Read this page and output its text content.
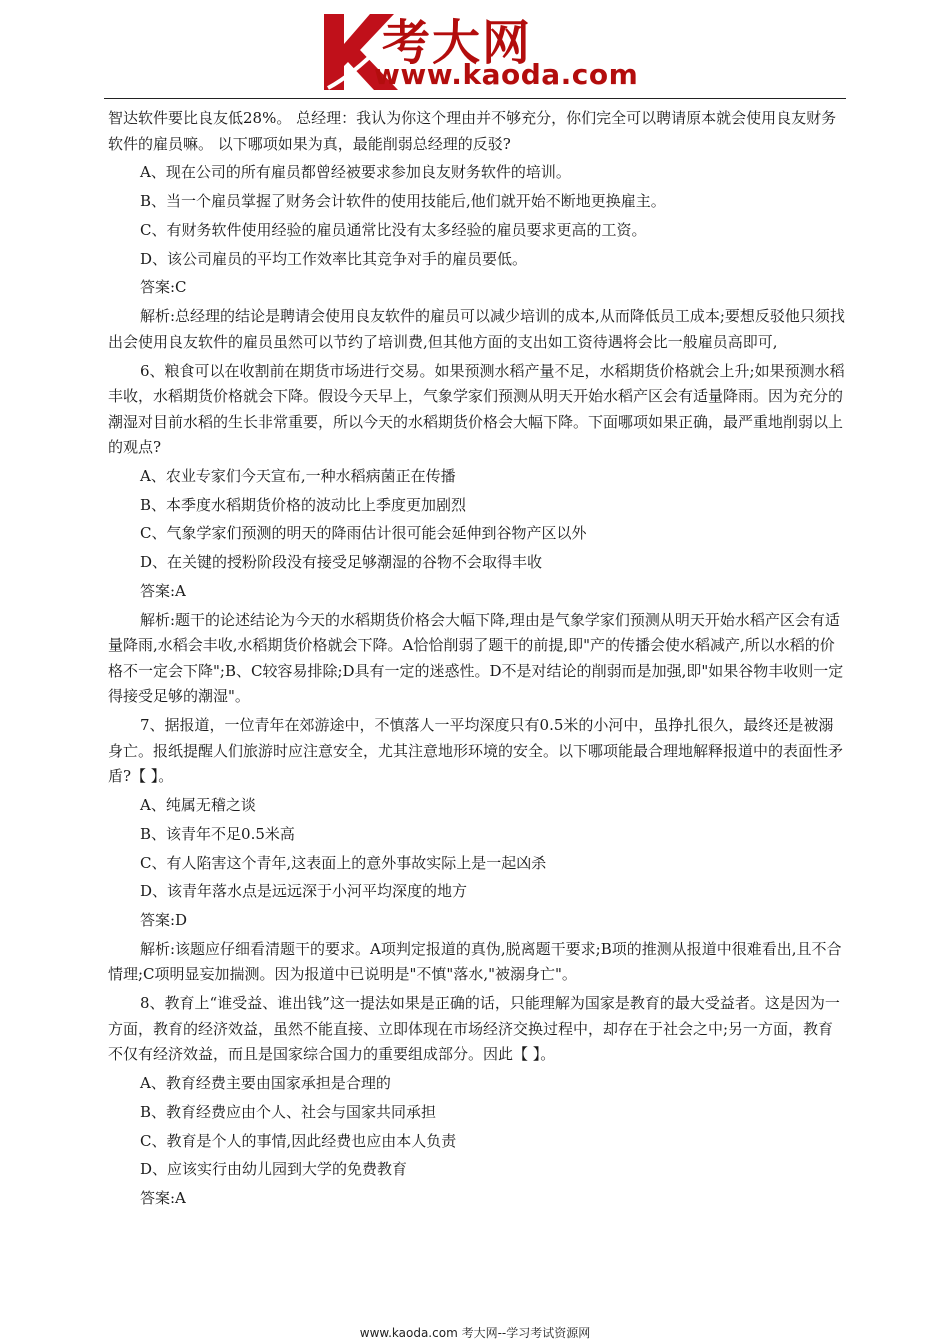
考大网
www.kaoda.com

智达软件要比良友低28%。 总经理：我认为你这个理由并不够充分，你们完全可以聘请原本就会使用良友财务软件的雇员嘛。 以下哪项如果为真，最能削弱总经理的反驳?

A、现在公司的所有雇员都曾经被要求参加良友财务软件的培训。

B、当一个雇员掌握了财务会计软件的使用技能后,他们就开始不断地更换雇主。

C、有财务软件使用经验的雇员通常比没有太多经验的雇员要求更高的工资。

D、该公司雇员的平均工作效率比其竞争对手的雇员要低。

答案:C

解析:总经理的结论是聘请会使用良友软件的雇员可以减少培训的成本,从而降低员工成本;要想反驳他只须找出会使用良友软件的雇员虽然可以节约了培训费,但其他方面的支出如工资待遇将会比一般雇员高即可,

6、粮食可以在收割前在期货市场进行交易。如果预测水稻产量不足，水稻期货价格就会上升;如果预测水稻丰收，水稻期货价格就会下降。假设今天早上，气象学家们预测从明天开始水稻产区会有适量降雨。因为充分的潮湿对目前水稻的生长非常重要，所以今天的水稻期货价格会大幅下降。下面哪项如果正确，最严重地削弱以上的观点?

A、农业专家们今天宣布,一种水稻病菌正在传播

B、本季度水稻期货价格的波动比上季度更加剧烈

C、气象学家们预测的明天的降雨估计很可能会延伸到谷物产区以外

D、在关键的授粉阶段没有接受足够潮湿的谷物不会取得丰收

答案:A

解析:题干的论述结论为今天的水稻期货价格会大幅下降,理由是气象学家们预测从明天开始水稻产区会有适量降雨,水稻会丰收,水稻期货价格就会下降。A恰恰削弱了题干的前提,即"产的传播会使水稻减产,所以水稻的价格不一定会下降";B、C较容易排除;D具有一定的迷惑性。D不是对结论的削弱而是加强,即"如果谷物丰收则一定得接受足够的潮湿"。

7、据报道，一位青年在郊游途中，不慎落人一平均深度只有0.5米的小河中，虽挣扎很久，最终还是被溺身亡。报纸提醒人们旅游时应注意安全，尤其注意地形环境的安全。以下哪项能最合理地解释报道中的表面性矛盾?【 】。

A、纯属无稽之谈

B、该青年不足0.5米高

C、有人陷害这个青年,这表面上的意外事故实际上是一起凶杀

D、该青年落水点是远远深于小河平均深度的地方

答案:D

解析:该题应仔细看清题干的要求。A项判定报道的真伪,脱离题干要求;B项的推测从报道中很难看出,且不合情理;C项明显妄加揣测。因为报道中已说明是"不慎"落水,"被溺身亡"。

8、教育上“谁受益、谁出钱”这一提法如果是正确的话，只能理解为国家是教育的最大受益者。这是因为一方面，教育的经济效益，虽然不能直接、立即体现在市场经济交换过程中，却存在于社会之中;另一方面，教育不仅有经济效益，而且是国家综合国力的重要组成部分。因此【 】。

A、教育经费主要由国家承担是合理的

B、教育经费应由个人、社会与国家共同承担

C、教育是个人的事情,因此经费也应由本人负责

D、应该实行由幼儿园到大学的免费教育

答案:A

www.kaoda.com 考大网--学习考试资源网
